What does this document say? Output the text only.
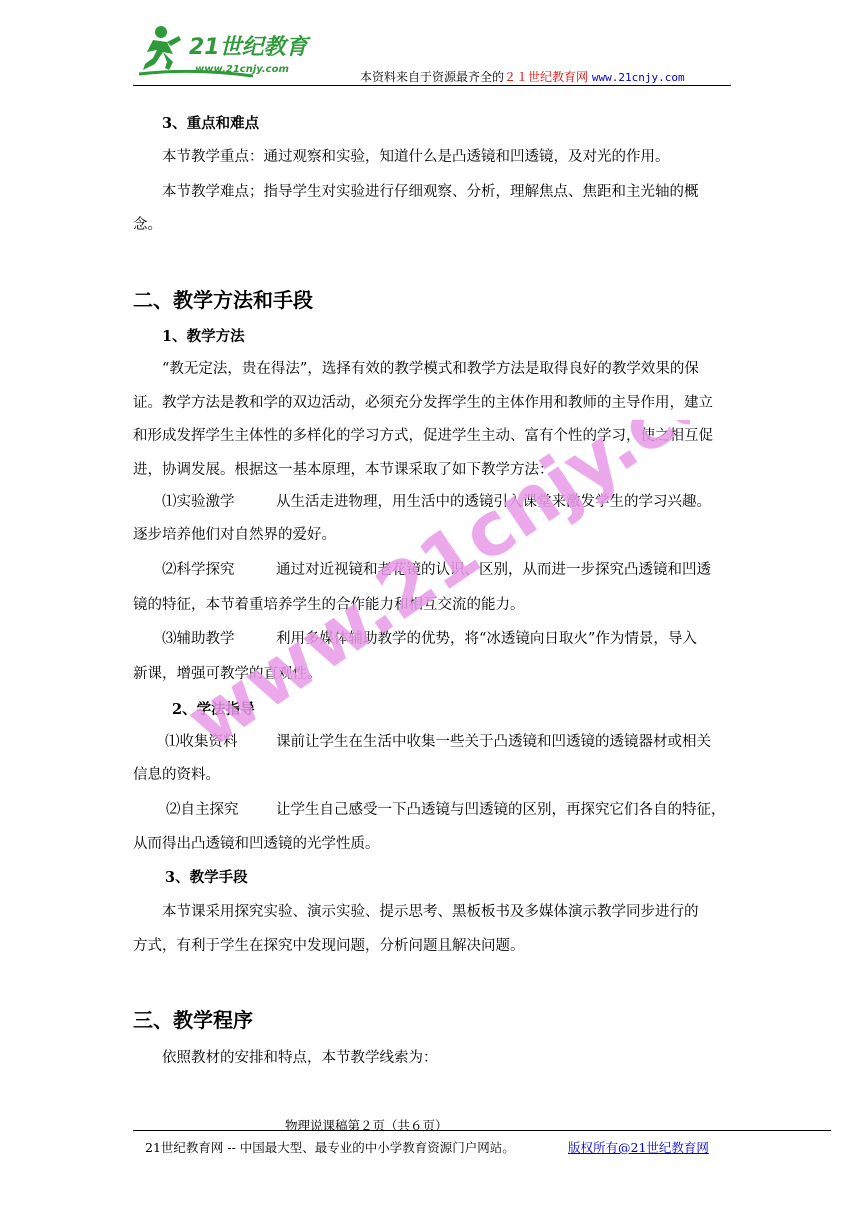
21世纪教育
www.21cnjy.com
本资料来自于资源最齐全的２１世纪教育网 www.21cnjy.com
3、重点和难点
本节教学重点：通过观察和实验，知道什么是凸透镜和凹透镜，及对光的作用。
本节教学难点；指导学生对实验进行仔细观察、分析，理解焦点、焦距和主光轴的概
念。
二、教学方法和手段
1、教学方法
“教无定法，贵在得法”，选择有效的教学模式和教学方法是取得良好的教学效果的保
证。教学方法是教和学的双边活动，必须充分发挥学生的主体作用和教师的主导作用，建立
和形成发挥学生主体性的多样化的学习方式，促进学生主动、富有个性的学习，使之相互促
进，协调发展。根据这一基本原理，本节课采取了如下教学方法：
⑴实验激学	从生活走进物理，用生活中的透镜引入课堂来激发学生的学习兴趣。
逐步培养他们对自然界的爱好。
⑵科学探究	通过对近视镜和老花镜的认识、区别，从而进一步探究凸透镜和凹透
镜的特征，本节着重培养学生的合作能力和相互交流的能力。
⑶辅助教学	利用多媒体辅助教学的优势，将“冰透镜向日取火”作为情景，导入
新课，增强可教学的直观性。
2、学法指导
⑴收集资料	课前让学生在生活中收集一些关于凸透镜和凹透镜的透镜器材或相关
信息的资料。
⑵自主探究	让学生自己感受一下凸透镜与凹透镜的区别，再探究它们各自的特征，
从而得出凸透镜和凹透镜的光学性质。
3、教学手段
本节课采用探究实验、演示实验、提示思考、黑板板书及多媒体演示教学同步进行的
方式，有利于学生在探究中发现问题，分析问题且解决问题。
三、教学程序
依照教材的安排和特点，本节教学线索为：
www.21cnjy.com
物理说课稿第２页（共６页）
21世纪教育网 -- 中国最大型、最专业的中小学教育资源门户网站。	版权所有@21世纪教育网
